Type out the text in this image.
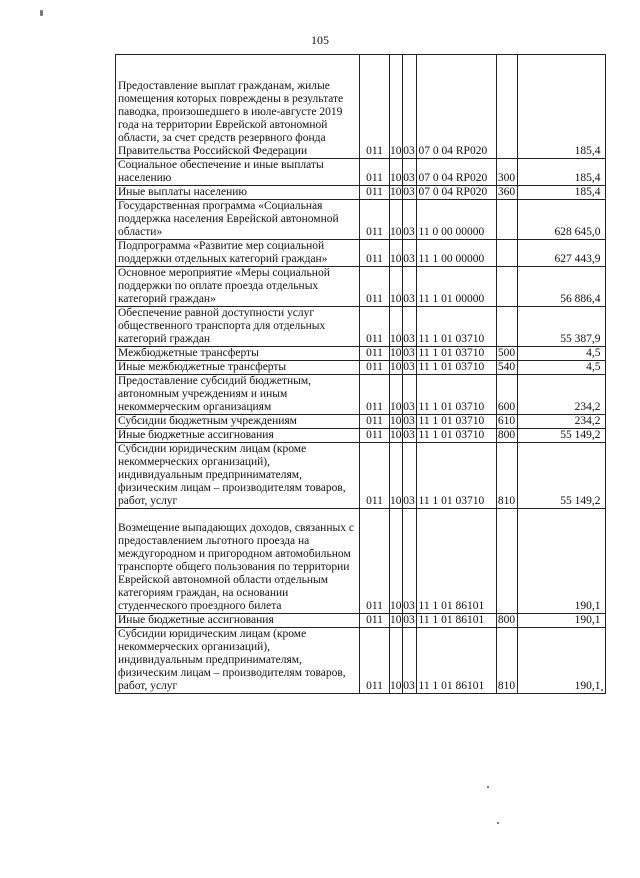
105
Предоставление выплат гражданам, жилые помещения которых повреждены в результате паводка, произошедшего в июле-августе 2019 года на территории Еврейской автономной области, за счет средств резервного фонда Правительства Российской Федерации	011	10	03	07 0 04 RP020		185,4
Социальное обеспечение и иные выплаты населению	011	10	03	07 0 04 RP020	300	185,4
Иные выплаты населению	011	10	03	07 0 04 RP020	360	185,4
Государственная программа «Социальная поддержка населения Еврейской автономной области»	011	10	03	11 0 00 00000		628 645,0
Подпрограмма «Развитие мер социальной поддержки отдельных категорий граждан»	011	10	03	11 1 00 00000		627 443,9
Основное мероприятие «Меры социальной поддержки по оплате проезда отдельных категорий граждан»	011	10	03	11 1 01 00000		56 886,4
Обеспечение равной доступности услуг общественного транспорта для отдельных категорий граждан	011	10	03	11 1 01 03710		55 387,9
Межбюджетные трансферты	011	10	03	11 1 01 03710	500	4,5
Иные межбюджетные трансферты	011	10	03	11 1 01 03710	540	4,5
Предоставление субсидий бюджетным, автономным учреждениям и иным некоммерческим организациям	011	10	03	11 1 01 03710	600	234,2
Субсидии бюджетным учреждениям	011	10	03	11 1 01 03710	610	234,2
Иные бюджетные ассигнования	011	10	03	11 1 01 03710	800	55 149,2
Субсидии юридическим лицам (кроме некоммерческих организаций), индивидуальным предпринимателям, физическим лицам – производителям товаров, работ, услуг	011	10	03	11 1 01 03710	810	55 149,2
Возмещение выпадающих доходов, связанных с предоставлением льготного проезда на междугородном и пригородном автомобильном транспорте общего пользования по территории Еврейской автономной области отдельным категориям граждан, на основании студенческого проездного билета	011	10	03	11 1 01 86101		190,1
Иные бюджетные ассигнования	011	10	03	11 1 01 86101	800	190,1
Субсидии юридическим лицам (кроме некоммерческих организаций), индивидуальным предпринимателям, физическим лицам – производителям товаров, работ, услуг	011	10	03	11 1 01 86101	810	190,1
